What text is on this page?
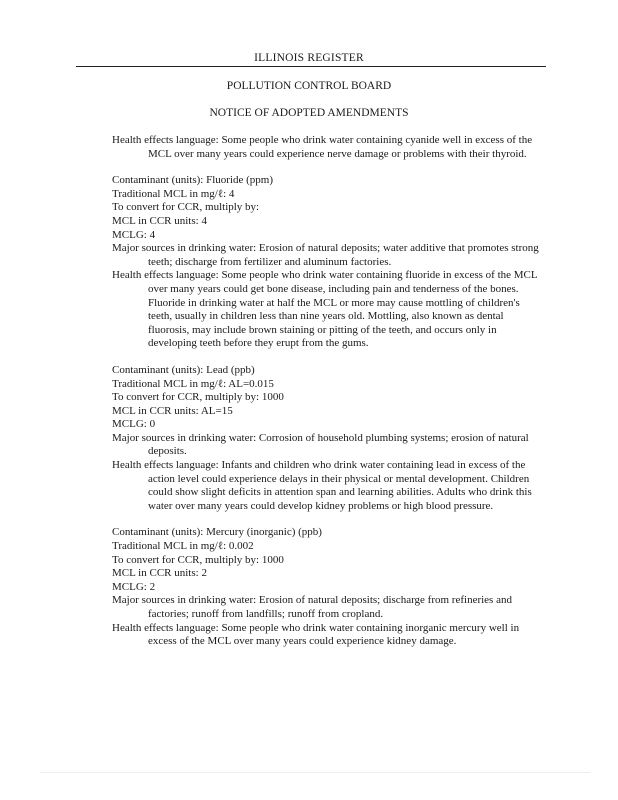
ILLINOIS REGISTER
POLLUTION CONTROL BOARD
NOTICE OF ADOPTED AMENDMENTS

Health effects language: Some people who drink water containing cyanide well in excess of the MCL over many years could experience nerve damage or problems with their thyroid.

Contaminant (units): Fluoride (ppm)

Traditional MCL in mg/ℓ: 4

To convert for CCR, multiply by:

MCL in CCR units: 4

MCLG: 4

Major sources in drinking water: Erosion of natural deposits; water additive that promotes strong teeth; discharge from fertilizer and aluminum factories.

Health effects language: Some people who drink water containing fluoride in excess of the MCL over many years could get bone disease, including pain and tenderness of the bones. Fluoride in drinking water at half the MCL or more may cause mottling of children's teeth, usually in children less than nine years old. Mottling, also known as dental fluorosis, may include brown staining or pitting of the teeth, and occurs only in developing teeth before they erupt from the gums.

Contaminant (units): Lead (ppb)

Traditional MCL in mg/ℓ: AL=0.015

To convert for CCR, multiply by: 1000

MCL in CCR units: AL=15

MCLG: 0

Major sources in drinking water: Corrosion of household plumbing systems; erosion of natural deposits.

Health effects language: Infants and children who drink water containing lead in excess of the action level could experience delays in their physical or mental development. Children could show slight deficits in attention span and learning abilities. Adults who drink this water over many years could develop kidney problems or high blood pressure.

Contaminant (units): Mercury (inorganic) (ppb)

Traditional MCL in mg/ℓ: 0.002

To convert for CCR, multiply by: 1000

MCL in CCR units: 2

MCLG: 2

Major sources in drinking water: Erosion of natural deposits; discharge from refineries and factories; runoff from landfills; runoff from cropland.

Health effects language: Some people who drink water containing inorganic mercury well in excess of the MCL over many years could experience kidney damage.
